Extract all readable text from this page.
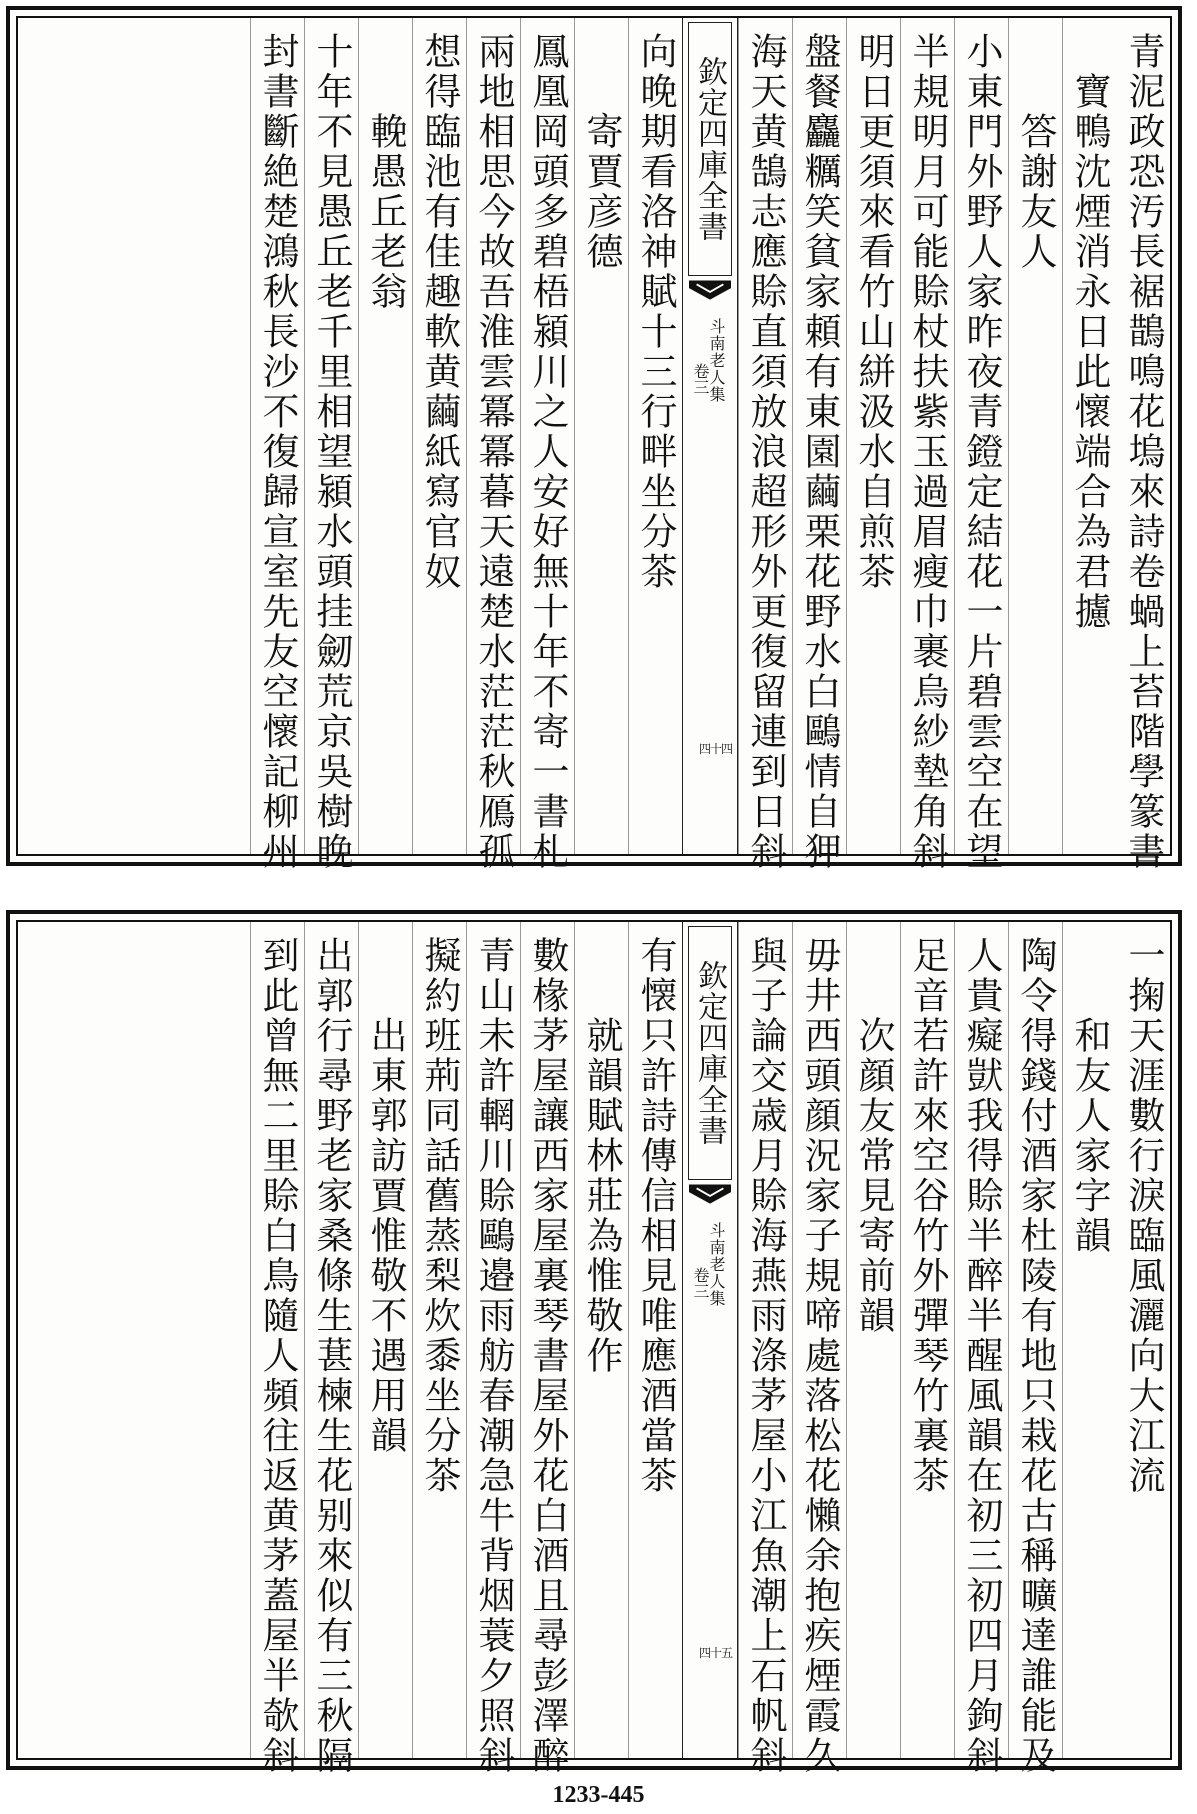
青泥政恐汚長裾鵲鳴花塢來詩卷蝸上苔階學篆書
寶鴨沈煙消永日此懷端合為君攄
答謝友人
小東門外野人家昨夜青鐙定結花一片碧雲空在望
半規明月可能賒杖扶紫玉過眉瘦巾裹烏紗墊角斜
明日更須來看竹山絣汲水自煎茶
盤餐麤糲笑貧家頼有東園繭栗花野水白鷗情自狎
海天黄鵠志應賒直須放浪超形外更復留連到日斜
欽定四庫全書
斗南老人集
卷三
四十四
向晚期看洛神賦十三行畔坐分茶
寄賈彦德
鳳凰岡頭多碧梧潁川之人安好無十年不寄一書札
兩地相思今故吾淮雲冪冪暮天遠楚水茫茫秋鴈孤
想得臨池有佳趣軟黄繭紙寫官奴
輓愚丘老翁
十年不見愚丘老千里相望潁水頭挂劒荒京吳樹晚
封書斷絶楚鴻秋長沙不復歸宣室先友空懷記柳州
一掬天涯數行淚臨風灑向大江流
和友人家字韻
陶令得錢付酒家杜陵有地只栽花古稱曠達誰能及
人貴癡獃我得賒半醉半醒風韻在初三初四月鉤斜
足音若許來空谷竹外彈琴竹裏茶
次顔友常見寄前韻
毋井西頭顔況家子規啼處落松花懶余抱疾煙霞久
與子論交歳月賒海燕雨涤茅屋小江魚潮上石帆斜
欽定四庫全書
斗南老人集
卷三
四十五
有懐只許詩傳信相見唯應酒當茶
就韻賦林莊為惟敬作
數椽茅屋讓西家屋裏琴書屋外花白酒且尋彭澤醉
青山未許輞川賒鷗邉雨舫春潮急牛背烟蓑夕照斜
擬約班荊同話舊蒸梨炊黍坐分茶
出東郭訪賈惟敬不遇用韻
出郭行尋野老家桑條生葚楝生花别來似有三秋隔
到此曾無二里賒白鳥隨人頻往返黄茅蓋屋半欹斜
1233-445
